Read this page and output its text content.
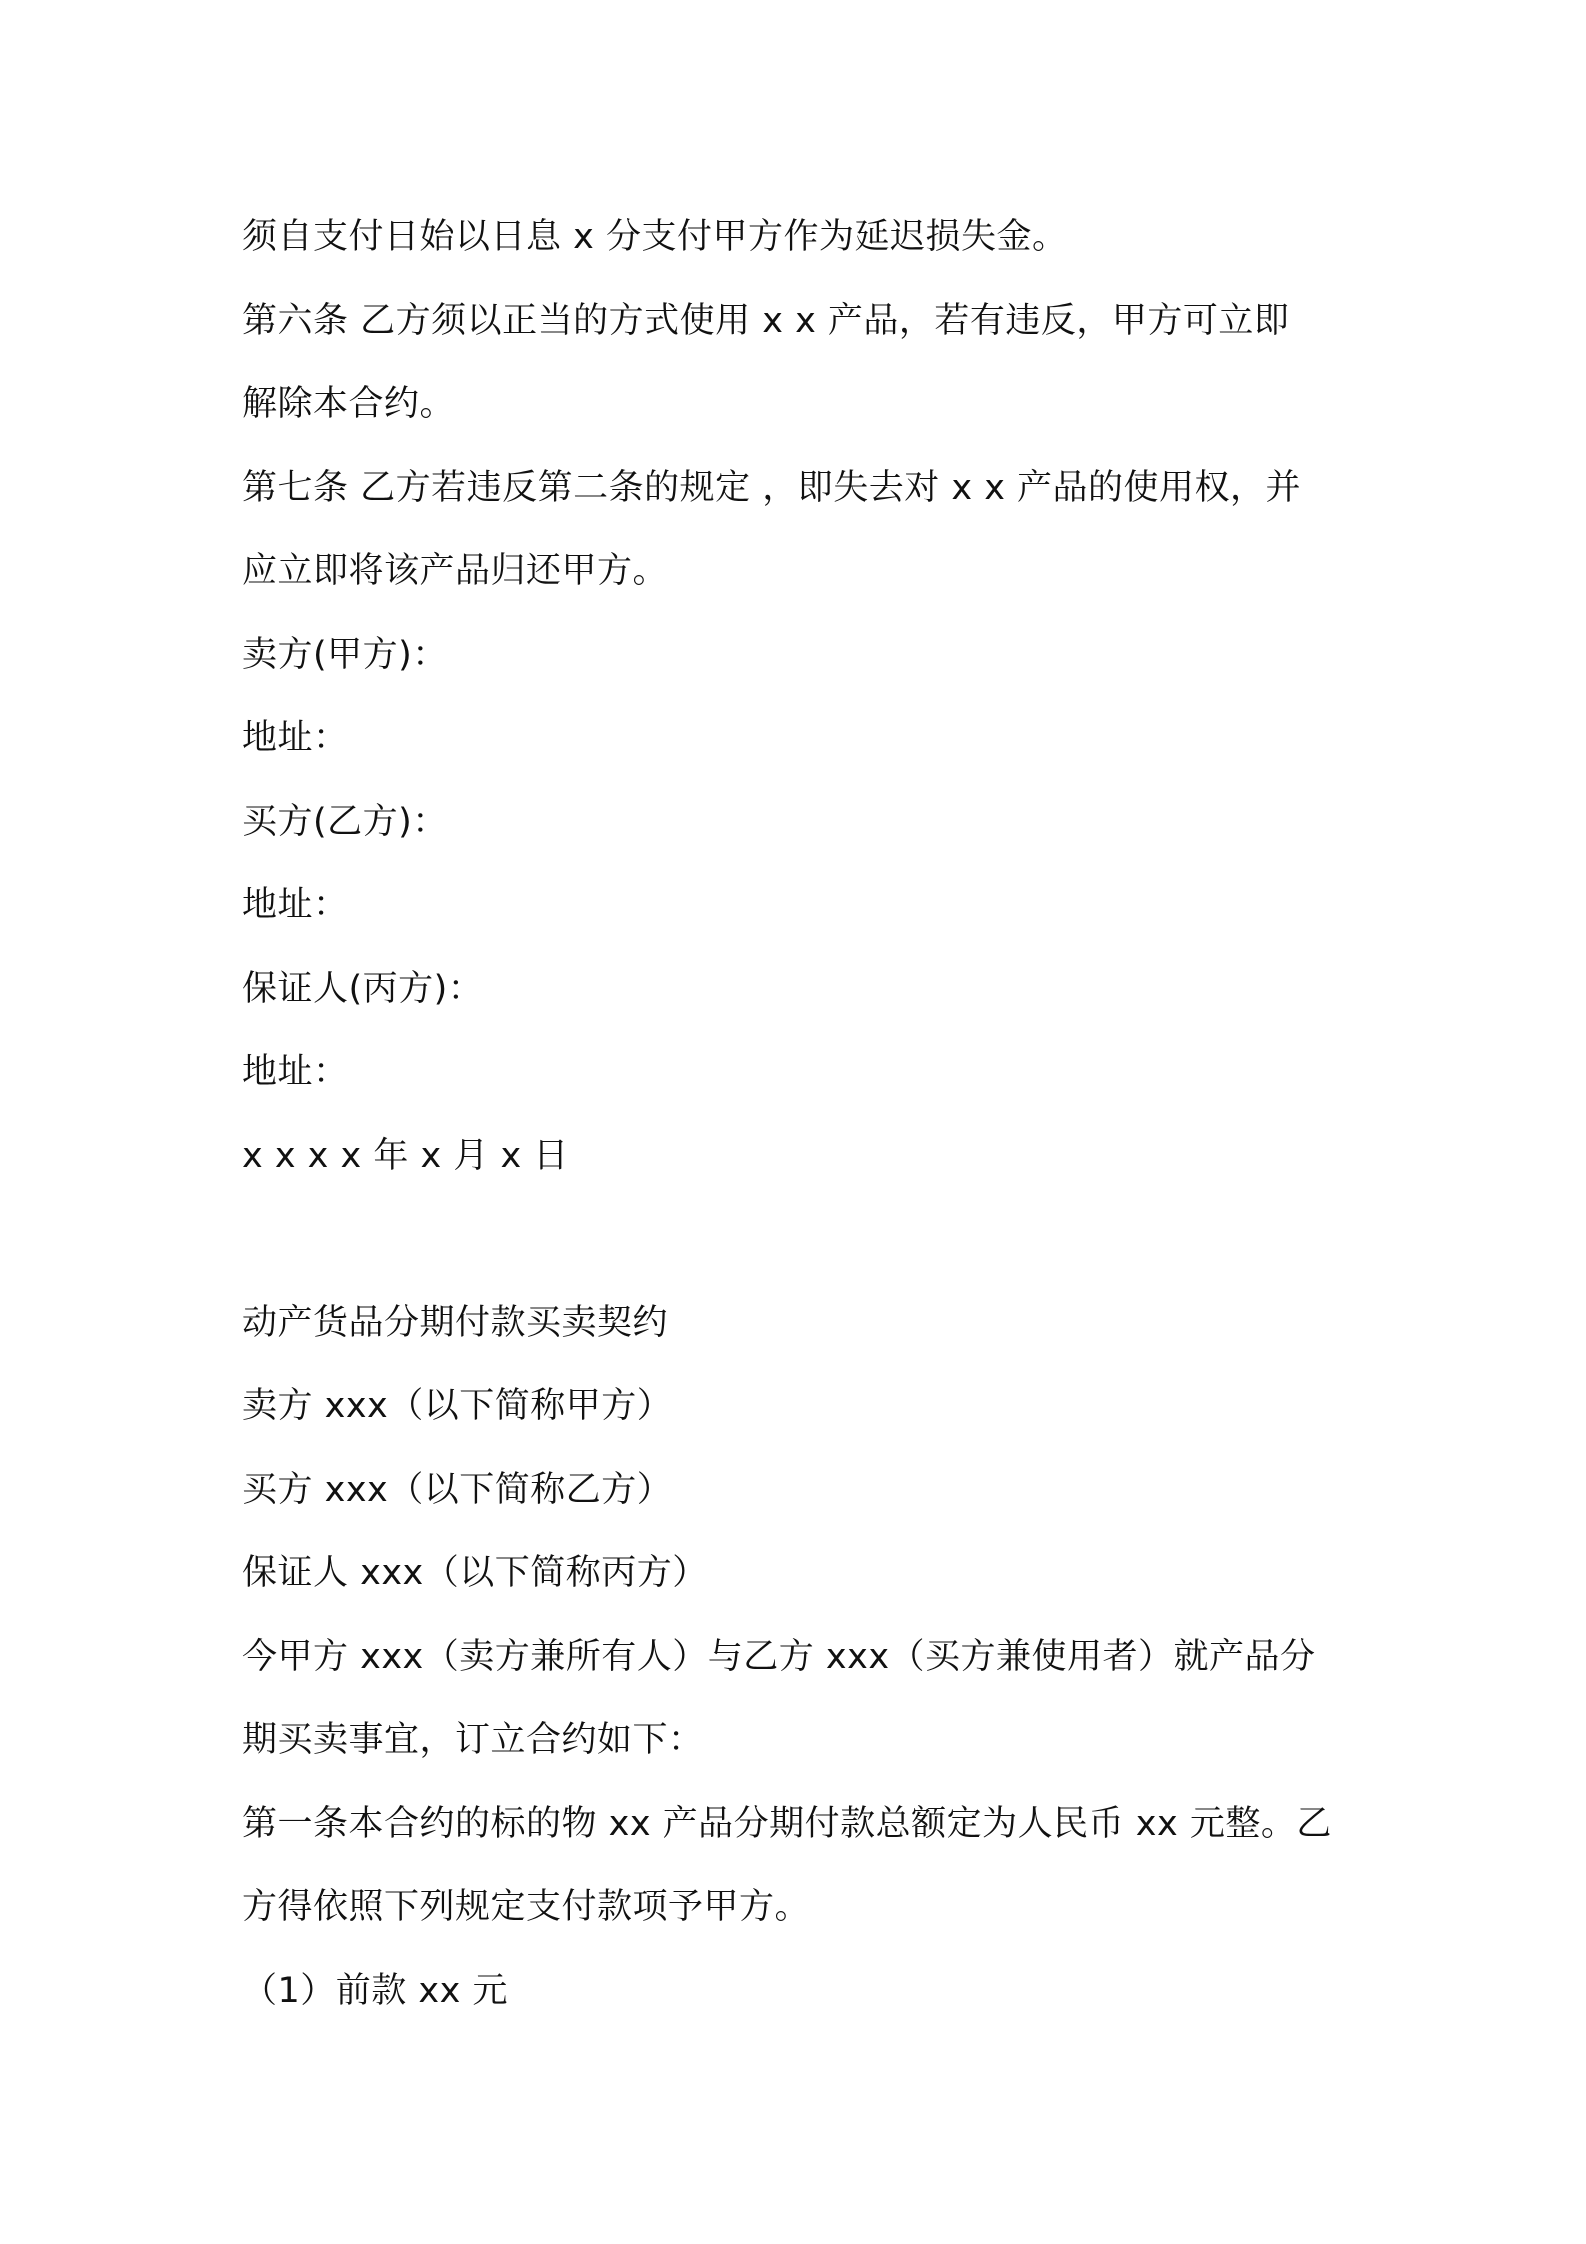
须自支付日始以日息 x 分支付甲方作为延迟损失金。
第六条 乙方须以正当的方式使用 x x 产品，若有违反，甲方可立即
解除本合约。
第七条 乙方若违反第二条的规定 ，即失去对 x x 产品的使用权，并
应立即将该产品归还甲方。
卖方(甲方)：
地址：
买方(乙方)：
地址：
保证人(丙方)：
地址：
x x x x 年 x 月 x 日
动产货品分期付款买卖契约
卖方 xxx（以下简称甲方）
买方 xxx（以下简称乙方）
保证人 xxx（以下简称丙方）
今甲方 xxx（卖方兼所有人）与乙方 xxx（买方兼使用者）就产品分
期买卖事宜，订立合约如下：
第一条本合约的标的物 xx 产品分期付款总额定为人民币 xx 元整。乙
方得依照下列规定支付款项予甲方。
（1）前款 xx 元
